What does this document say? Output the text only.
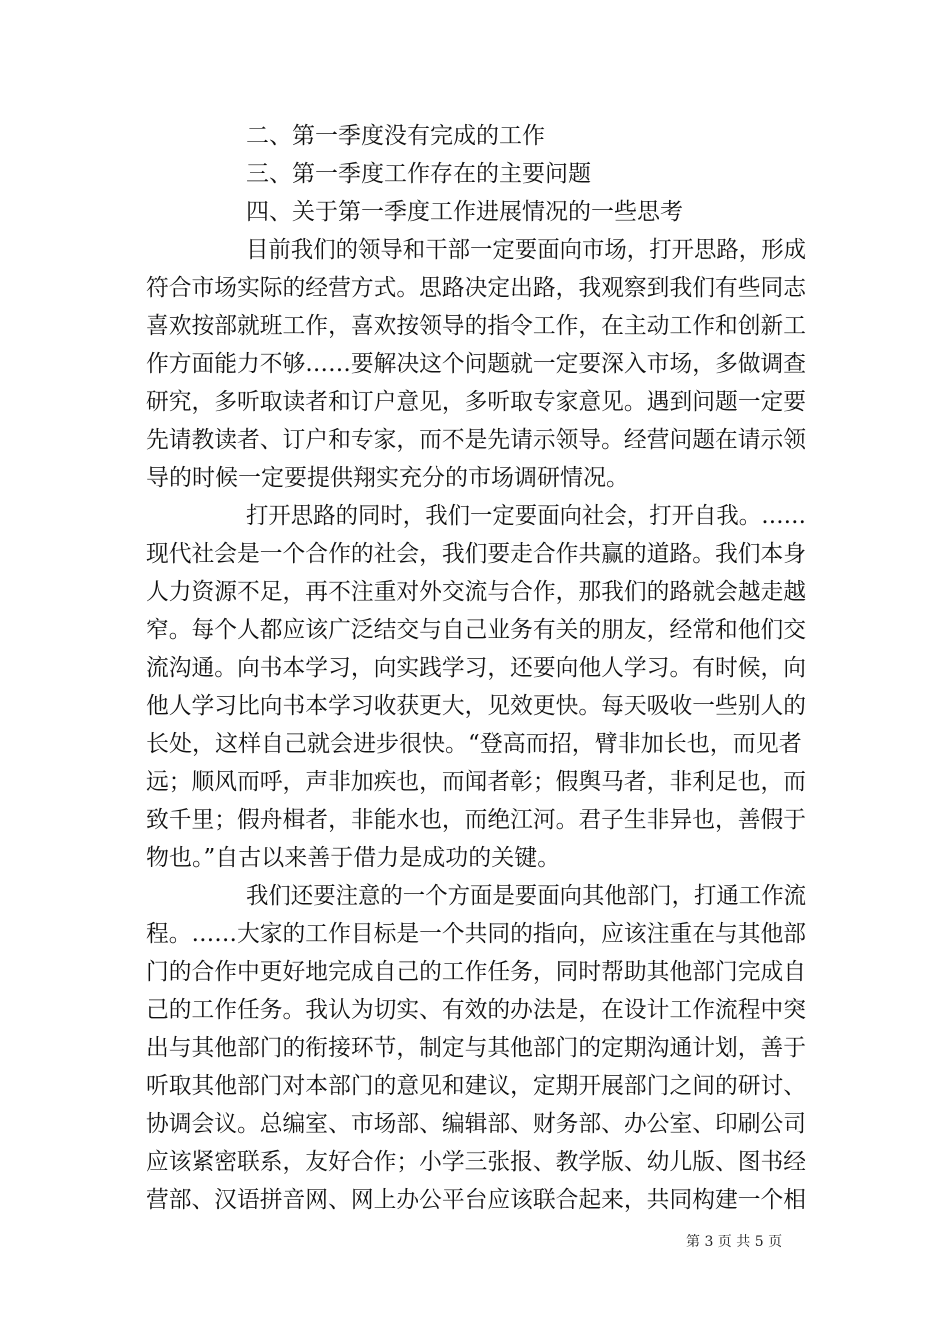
二、第一季度没有完成的工作
三、第一季度工作存在的主要问题
四、关于第一季度工作进展情况的一些思考
目前我们的领导和干部一定要面向市场，打开思路，形成
符合市场实际的经营方式。思路决定出路，我观察到我们有些同志
喜欢按部就班工作，喜欢按领导的指令工作，在主动工作和创新工
作方面能力不够……要解决这个问题就一定要深入市场，多做调查
研究，多听取读者和订户意见，多听取专家意见。遇到问题一定要
先请教读者、订户和专家，而不是先请示领导。经营问题在请示领
导的时候一定要提供翔实充分的市场调研情况。
打开思路的同时，我们一定要面向社会，打开自我。……
现代社会是一个合作的社会，我们要走合作共赢的道路。我们本身
人力资源不足，再不注重对外交流与合作，那我们的路就会越走越
窄。每个人都应该广泛结交与自己业务有关的朋友，经常和他们交
流沟通。向书本学习，向实践学习，还要向他人学习。有时候，向
他人学习比向书本学习收获更大，见效更快。每天吸收一些别人的
长处，这样自己就会进步很快。“登高而招，臂非加长也，而见者
远；顺风而呼，声非加疾也，而闻者彰；假舆马者，非利足也，而
致千里；假舟楫者，非能水也，而绝江河。君子生非异也，善假于
物也。”自古以来善于借力是成功的关键。
我们还要注意的一个方面是要面向其他部门，打通工作流
程。……大家的工作目标是一个共同的指向，应该注重在与其他部
门的合作中更好地完成自己的工作任务，同时帮助其他部门完成自
己的工作任务。我认为切实、有效的办法是，在设计工作流程中突
出与其他部门的衔接环节，制定与其他部门的定期沟通计划，善于
听取其他部门对本部门的意见和建议，定期开展部门之间的研讨、
协调会议。总编室、市场部、编辑部、财务部、办公室、印刷公司
应该紧密联系，友好合作；小学三张报、教学版、幼儿版、图书经
营部、汉语拼音网、网上办公平台应该联合起来，共同构建一个相
第 3 页 共 5 页
